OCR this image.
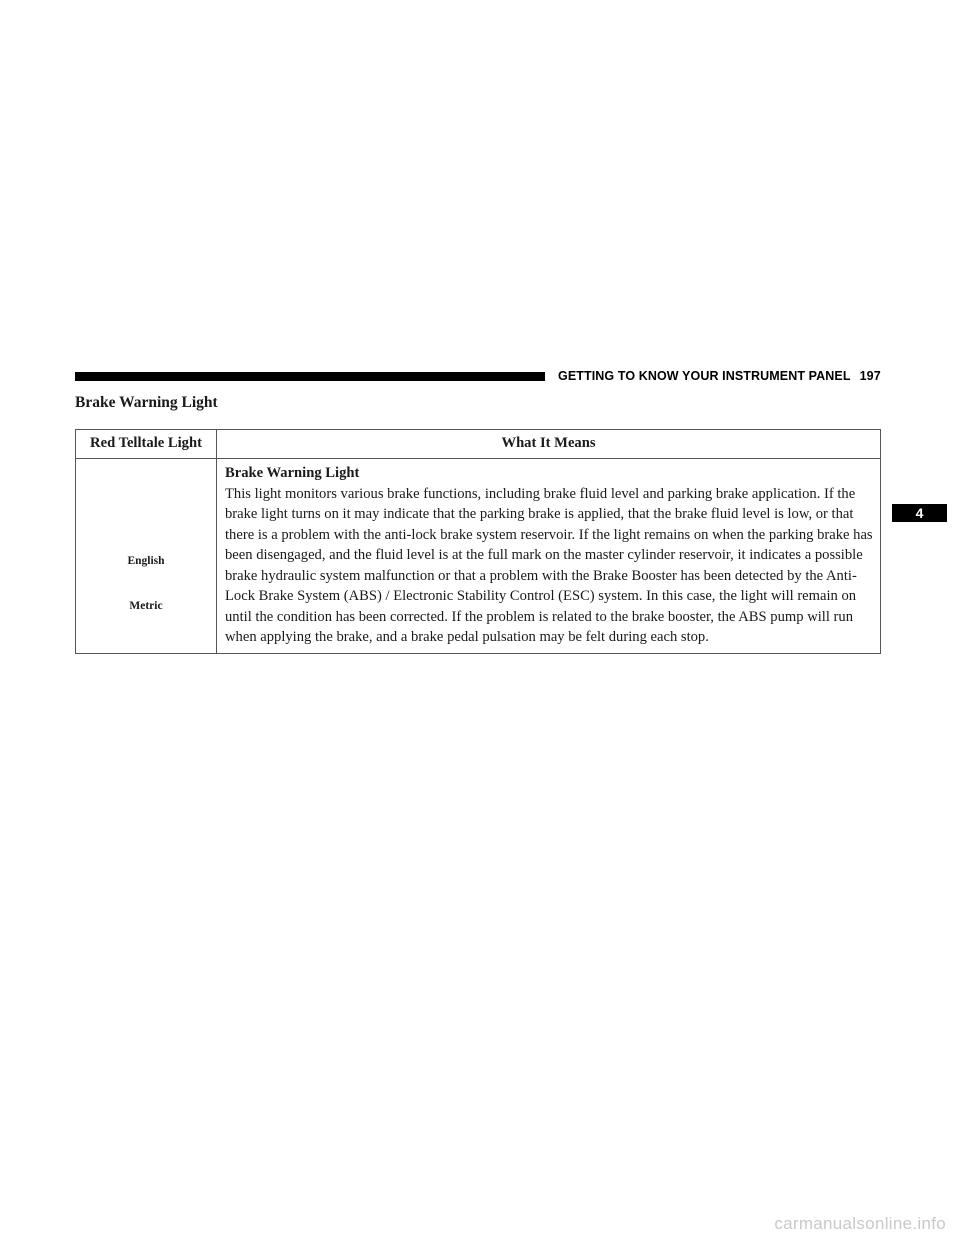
GETTING TO KNOW YOUR INSTRUMENT PANEL 197
Brake Warning Light
Red Telltale Light	What It Means

English
Metric	Brake Warning Light
This light monitors various brake functions, including brake fluid level and parking brake application. If the brake light turns on it may indicate that the parking brake is applied, that the brake fluid level is low, or that there is a problem with the anti-lock brake system reservoir. If the light remains on when the parking brake has been disengaged, and the fluid level is at the full mark on the master cylinder reservoir, it indicates a possible brake hydraulic system malfunction or that a problem with the Brake Booster has been detected by the Anti-Lock Brake System (ABS) / Electronic Stability Control (ESC) system. In this case, the light will remain on until the condition has been corrected. If the problem is related to the brake booster, the ABS pump will run when applying the brake, and a brake pedal pulsation may be felt during each stop.
4
carmanualsonline.info
